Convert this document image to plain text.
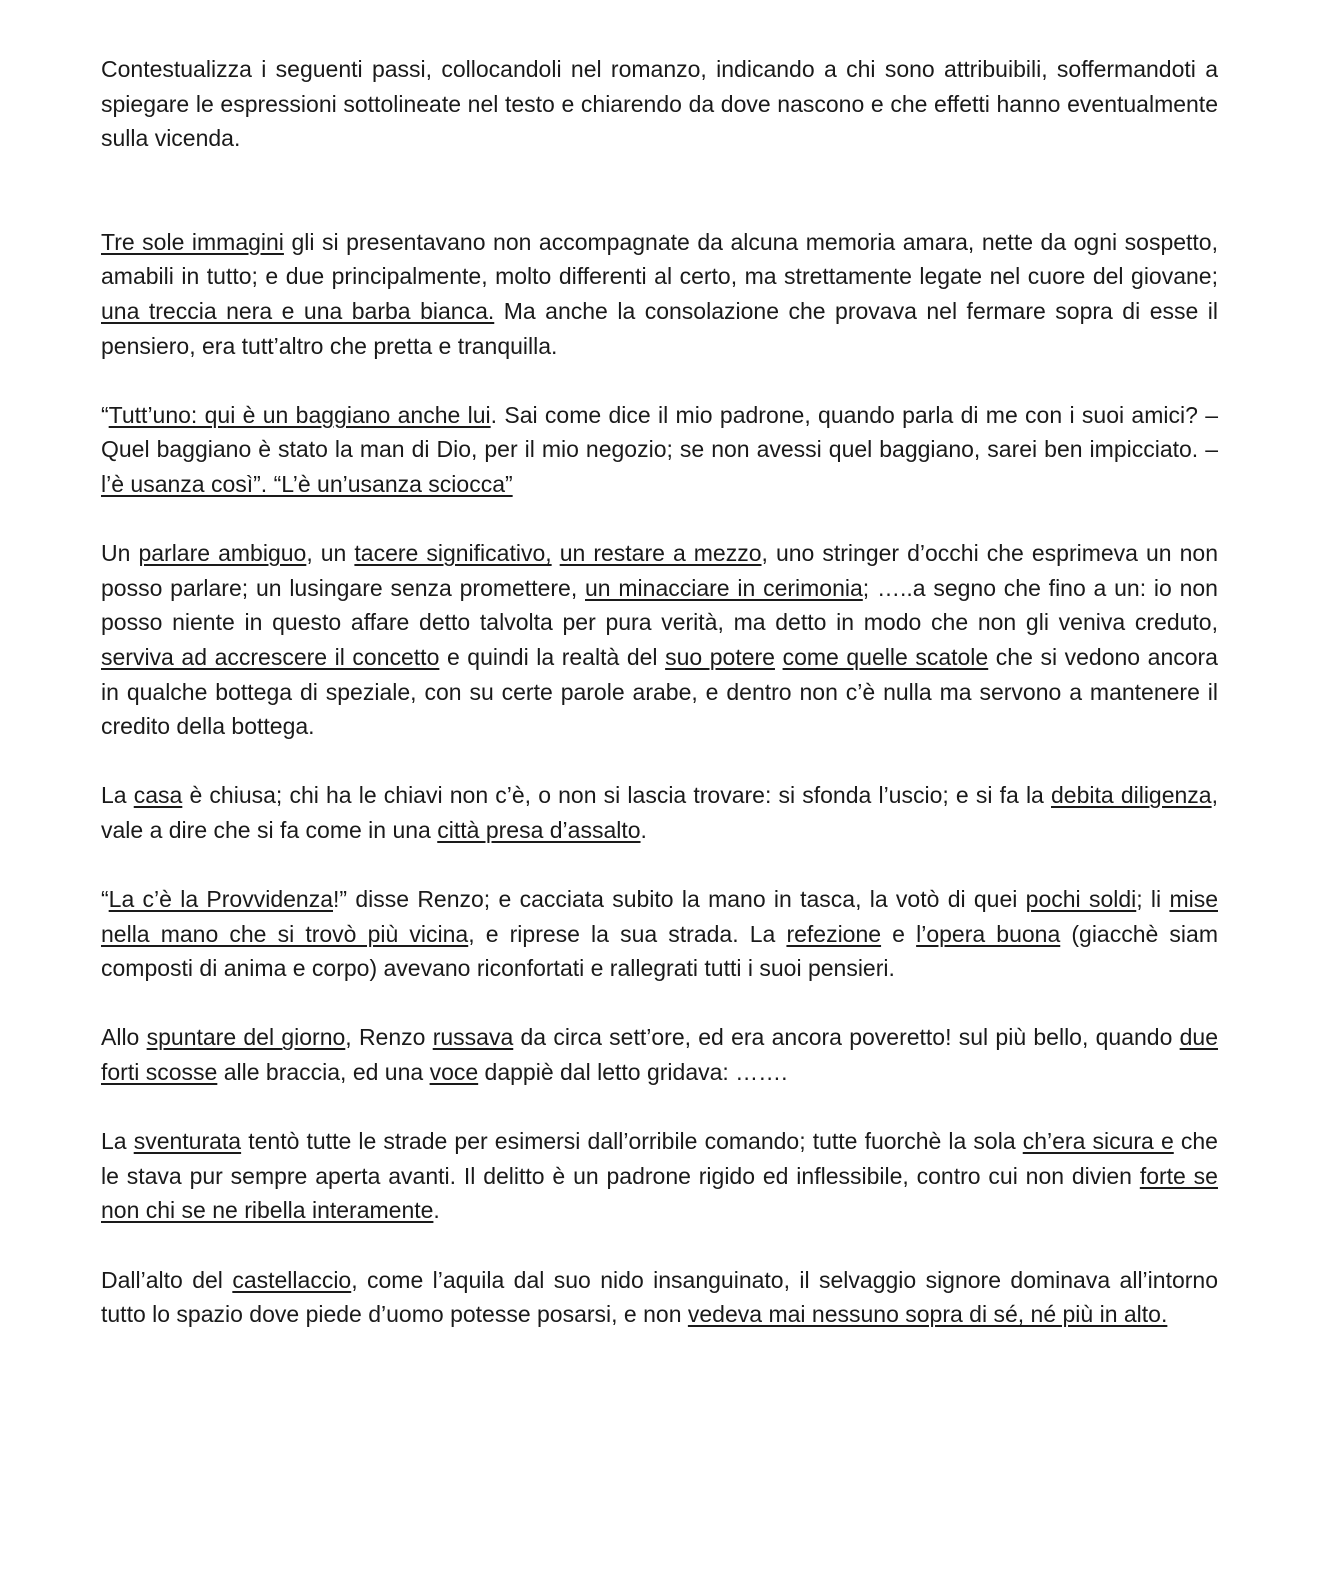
Contestualizza i seguenti passi, collocandoli nel romanzo, indicando a chi sono attribuibili, soffermandoti a spiegare le espressioni sottolineate nel testo e chiarendo da dove nascono e che effetti hanno eventualmente sulla vicenda.

Tre sole immagini gli si presentavano non accompagnate da alcuna memoria amara, nette da ogni sospetto, amabili in tutto; e due principalmente, molto differenti al certo, ma strettamente legate nel cuore del giovane; una treccia nera e una barba bianca. Ma anche la consolazione che provava nel fermare sopra di esse il pensiero, era tutt’altro che pretta e tranquilla.

“Tutt’uno: qui è un baggiano anche lui. Sai come dice il mio padrone, quando parla di me con i suoi amici? – Quel baggiano è stato la man di Dio, per il mio negozio; se non avessi quel baggiano, sarei ben impicciato. – l’è usanza così”. “L’è un’usanza sciocca”

Un parlare ambiguo, un tacere significativo, un restare a mezzo, uno stringer d’occhi che esprimeva un non posso parlare; un lusingare senza promettere, un minacciare in cerimonia; …..a segno che fino a un: io non posso niente in questo affare detto talvolta per pura verità, ma detto in modo che non gli veniva creduto, serviva ad accrescere il concetto e quindi la realtà del suo potere come quelle scatole che si vedono ancora in qualche bottega di speziale, con su certe parole arabe, e dentro non c’è nulla ma servono a mantenere il credito della bottega.

La casa è chiusa; chi ha le chiavi non c’è, o non si lascia trovare: si sfonda l’uscio; e si fa la debita diligenza, vale a dire che si fa come in una città presa d’assalto.

“La c’è la Provvidenza!” disse Renzo; e cacciata subito la mano in tasca, la votò di quei pochi soldi; li mise nella mano che si trovò più vicina, e riprese la sua strada. La refezione e l’opera buona (giacchè siam composti di anima e corpo) avevano riconfortati e rallegrati tutti i suoi pensieri.

Allo spuntare del giorno, Renzo russava da circa sett’ore, ed era ancora poveretto! sul più bello, quando due forti scosse alle braccia, ed una voce dappiè dal letto gridava: …….

La sventurata tentò tutte le strade per esimersi dall’orribile comando; tutte fuorchè la sola ch’era sicura e che le stava pur sempre aperta avanti. Il delitto è un padrone rigido ed inflessibile, contro cui non divien forte se non chi se ne ribella interamente.

Dall’alto del castellaccio, come l’aquila dal suo nido insanguinato, il selvaggio signore dominava all’intorno tutto lo spazio dove piede d’uomo potesse posarsi, e non vedeva mai nessuno sopra di sé, né più in alto.
